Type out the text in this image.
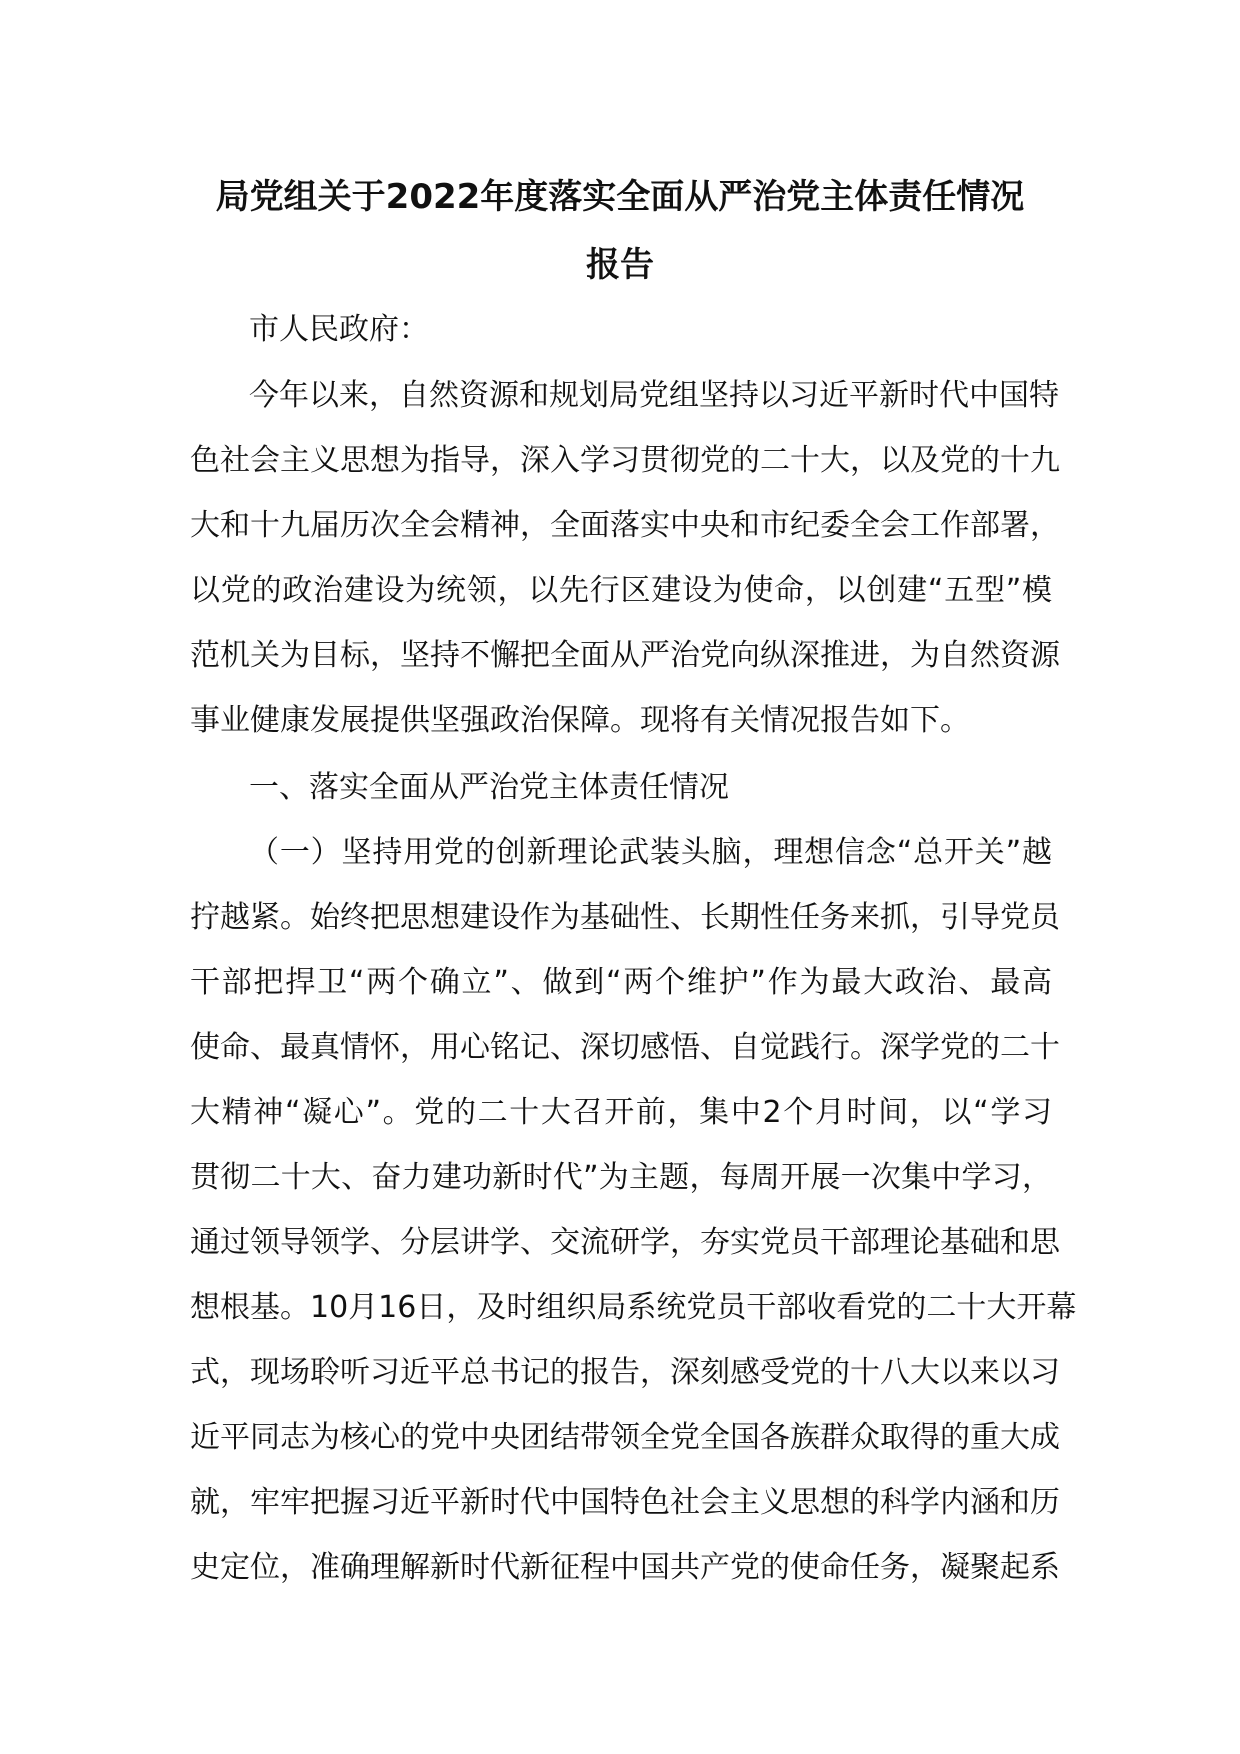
局党组关于2022年度落实全面从严治党主体责任情况
报告
市人民政府：
今年以来，自然资源和规划局党组坚持以习近平新时代中国特
色社会主义思想为指导，深入学习贯彻党的二十大，以及党的十九
大和十九届历次全会精神，全面落实中央和市纪委全会工作部署，
以党的政治建设为统领，以先行区建设为使命，以创建“五型”模
范机关为目标，坚持不懈把全面从严治党向纵深推进，为自然资源
事业健康发展提供坚强政治保障。现将有关情况报告如下。
一、落实全面从严治党主体责任情况
（一）坚持用党的创新理论武装头脑，理想信念“总开关”越
拧越紧。始终把思想建设作为基础性、长期性任务来抓，引导党员
干部把捍卫“两个确立”、做到“两个维护”作为最大政治、最高
使命、最真情怀，用心铭记、深切感悟、自觉践行。深学党的二十
大精神“凝心”。党的二十大召开前，集中2个月时间，以“学习
贯彻二十大、奋力建功新时代”为主题，每周开展一次集中学习，
通过领导领学、分层讲学、交流研学，夯实党员干部理论基础和思
想根基。10月16日，及时组织局系统党员干部收看党的二十大开幕
式，现场聆听习近平总书记的报告，深刻感受党的十八大以来以习
近平同志为核心的党中央团结带领全党全国各族群众取得的重大成
就，牢牢把握习近平新时代中国特色社会主义思想的科学内涵和历
史定位，准确理解新时代新征程中国共产党的使命任务，凝聚起系
